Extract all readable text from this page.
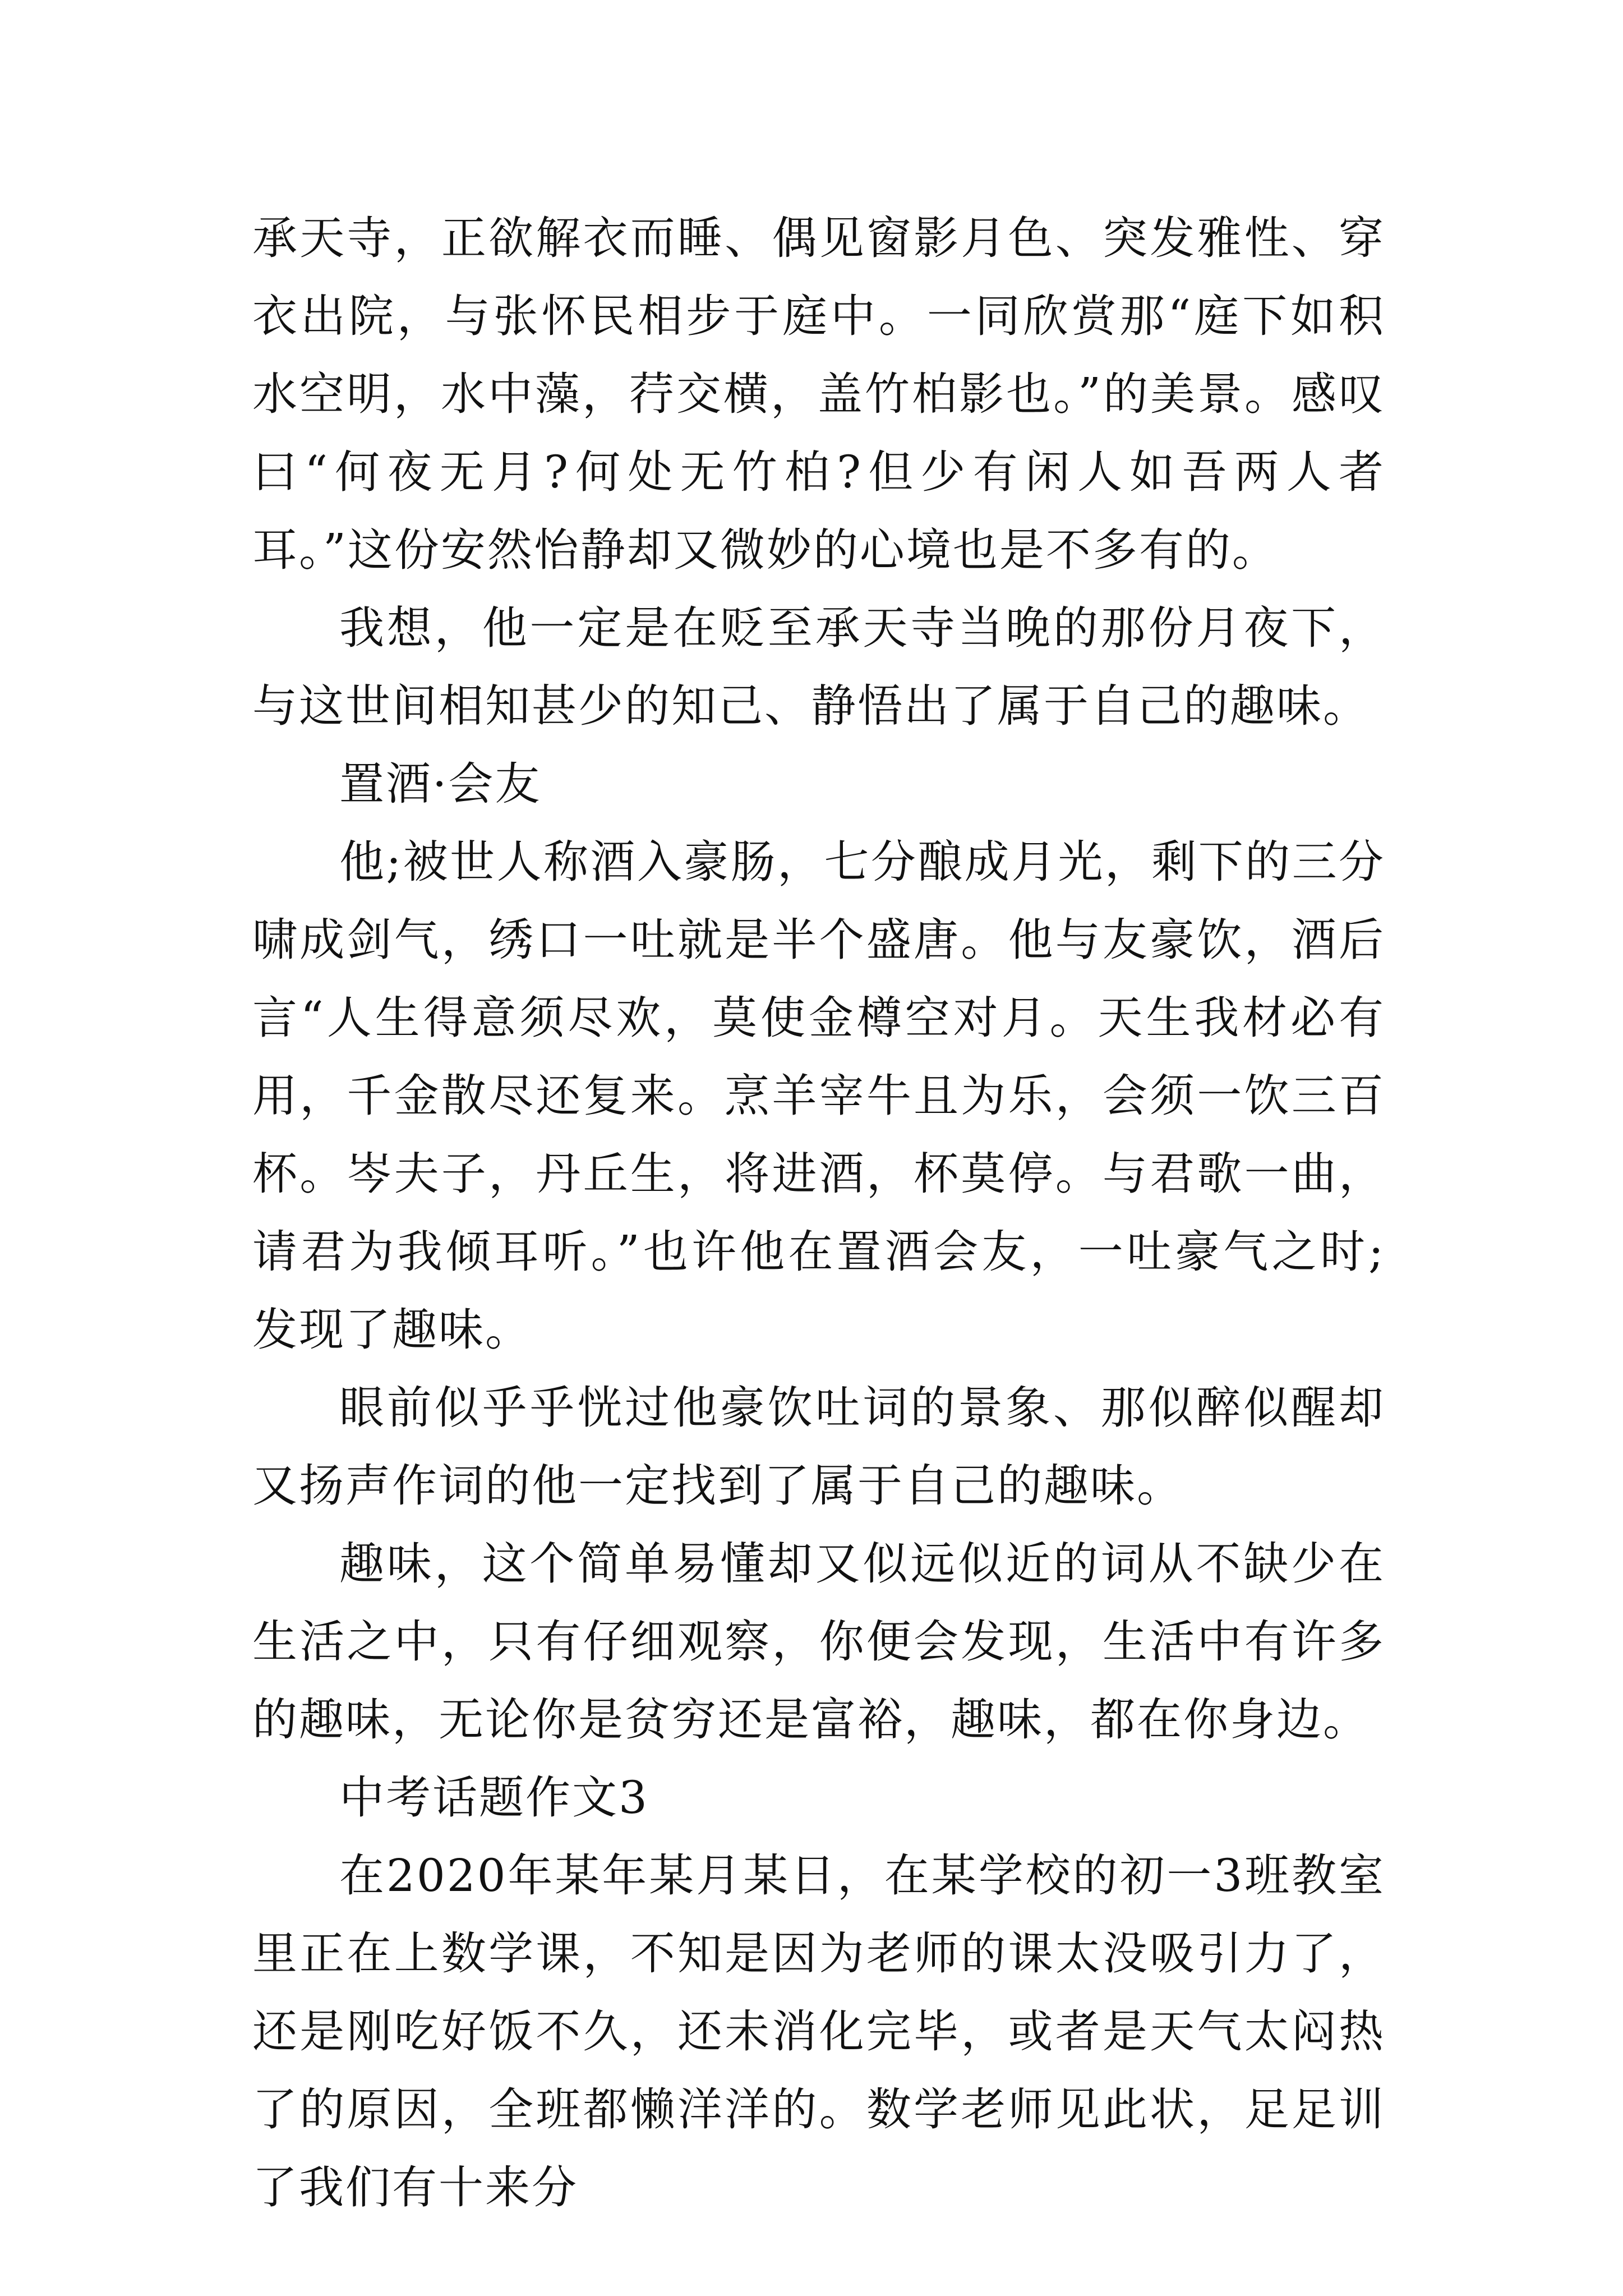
承天寺，正欲解衣而睡、偶见窗影月色、突发雅性、穿衣出院，与张怀民相步于庭中。一同欣赏那“庭下如积水空明，水中藻，荇交横，盖竹柏影也。”的美景。感叹曰“何夜无月?何处无竹柏?但少有闲人如吾两人者耳。”这份安然怡静却又微妙的心境也是不多有的。

我想，他一定是在贬至承天寺当晚的那份月夜下，与这世间相知甚少的知己、静悟出了属于自己的趣味。

置酒·会友

他;被世人称酒入豪肠，七分酿成月光，剩下的三分啸成剑气，绣口一吐就是半个盛唐。他与友豪饮，酒后言“人生得意须尽欢，莫使金樽空对月。天生我材必有用，千金散尽还复来。烹羊宰牛且为乐，会须一饮三百杯。岑夫子，丹丘生，将进酒，杯莫停。与君歌一曲，请君为我倾耳听。”也许他在置酒会友，一吐豪气之时;发现了趣味。

眼前似乎乎恍过他豪饮吐词的景象、那似醉似醒却又扬声作词的他一定找到了属于自己的趣味。

趣味，这个简单易懂却又似远似近的词从不缺少在生活之中，只有仔细观察，你便会发现，生活中有许多的趣味，无论你是贫穷还是富裕，趣味，都在你身边。

中考话题作文3

在2020年某年某月某日，在某学校的初一3班教室里正在上数学课，不知是因为老师的课太没吸引力了，还是刚吃好饭不久，还未消化完毕，或者是天气太闷热了的原因，全班都懒洋洋的。数学老师见此状，足足训了我们有十来分
